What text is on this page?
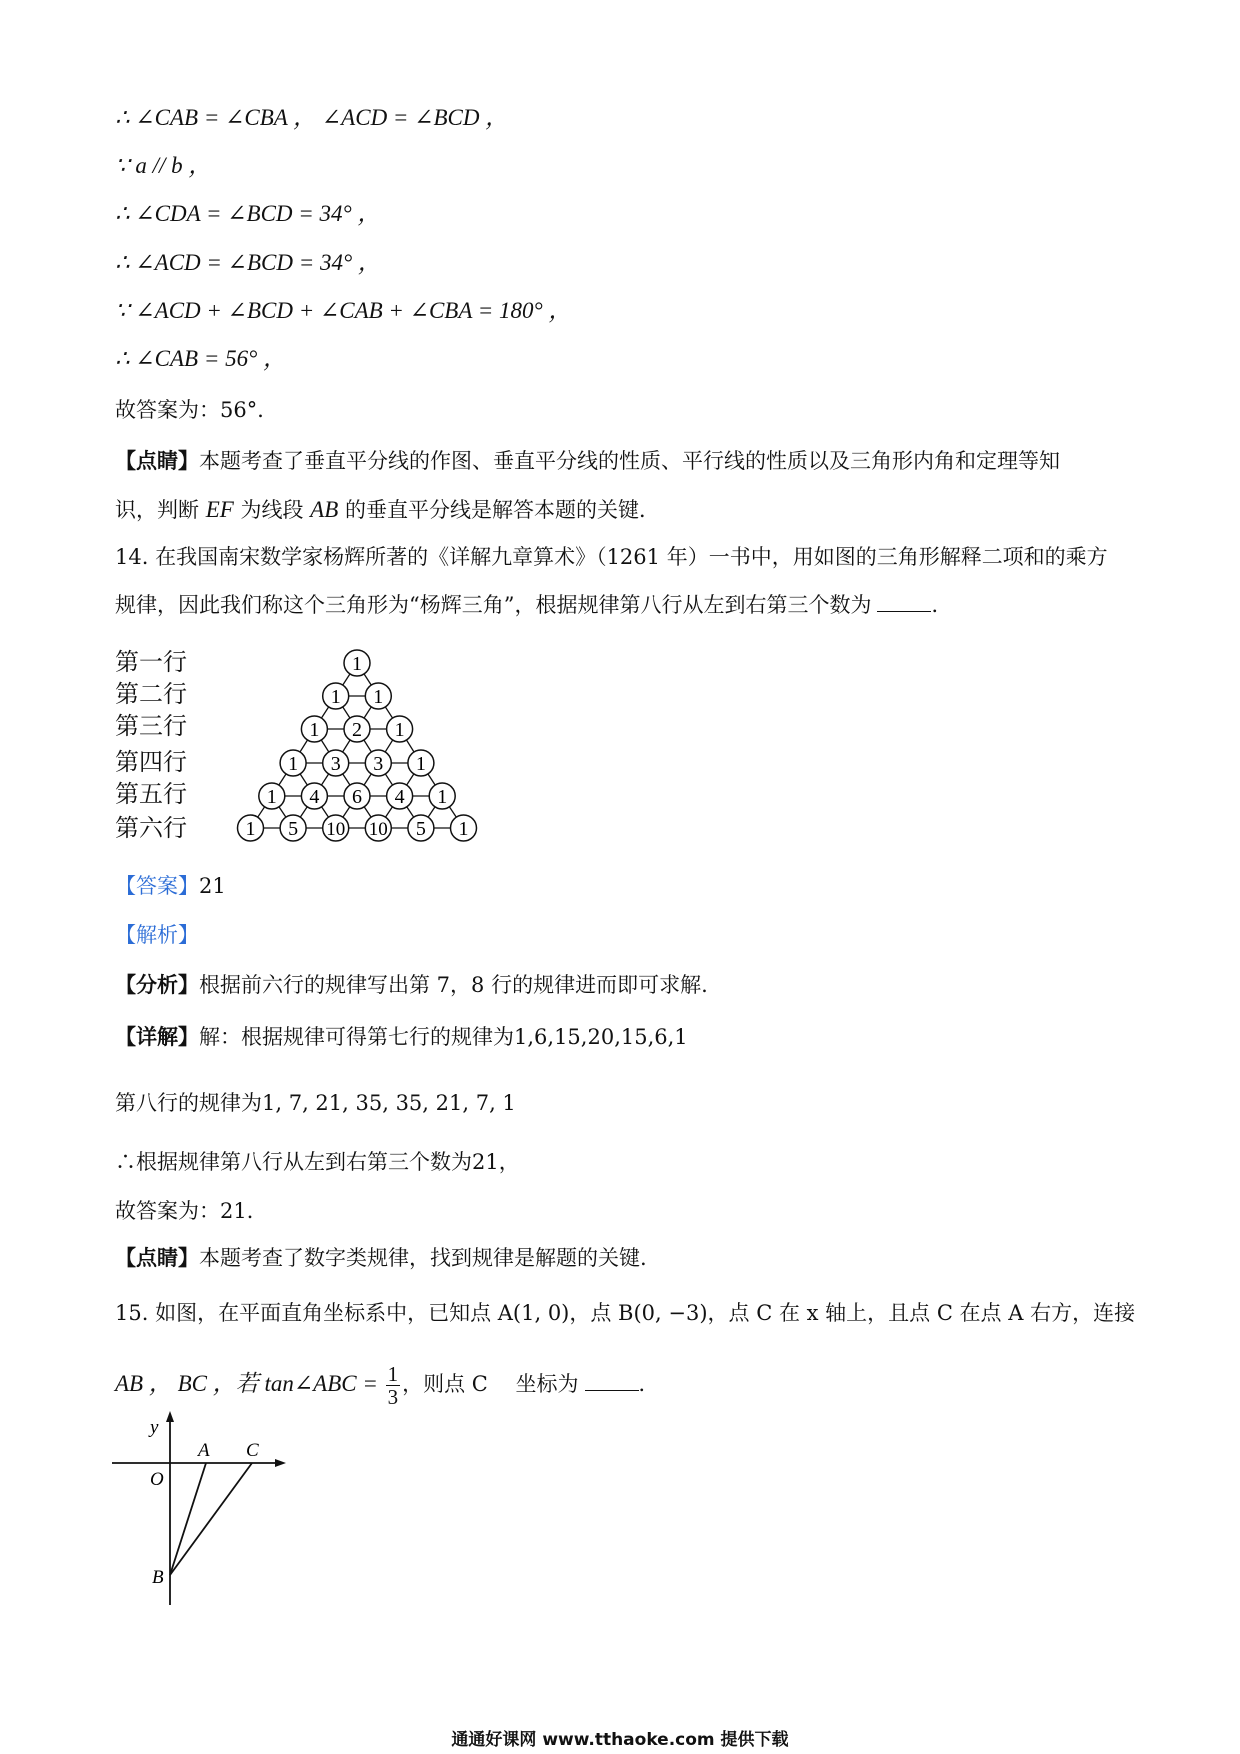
∴ ∠CAB = ∠CBA ， ∠ACD = ∠BCD ，
∵ a // b ，
∴ ∠CDA = ∠BCD = 34° ，
∴ ∠ACD = ∠BCD = 34° ，
∵ ∠ACD + ∠BCD + ∠CAB + ∠CBA = 180° ，
∴ ∠CAB = 56° ，
故答案为：56°．
【点睛】本题考查了垂直平分线的作图、垂直平分线的性质、平行线的性质以及三角形内角和定理等知
识，判断 EF 为线段 AB 的垂直平分线是解答本题的关键．
14. 在我国南宋数学家杨辉所著的《详解九章算术》（1261 年）一书中，用如图的三角形解释二项和的乘方
规律，因此我们称这个三角形为“杨辉三角”，根据规律第八行从左到右第三个数为	．
第一行
第二行
第三行
第四行
第五行
第六行
1
1 1
1 2 1
1 3 3 1
1 4 6 4 1
1 5 10 10 5 1
【答案】21
【解析】
【分析】根据前六行的规律写出第 7，8 行的规律进而即可求解.
【详解】解：根据规律可得第七行的规律为1,6,15,20,15,6,1
第八行的规律为1, 7, 21, 35, 35, 21, 7, 1
∴根据规律第八行从左到右第三个数为21，
故答案为：21．
【点睛】本题考查了数字类规律，找到规律是解题的关键.
15. 如图，在平面直角坐标系中，已知点 A(1, 0)，点 B(0, −3)，点 C 在 x 轴上，且点 C 在点 A 右方，连接
AB ， BC ，若 tan∠ABC = $\frac{1}{3}$ ，则点 C　 坐标为	．
y
O
A C
B
通通好课网 www.tthaoke.com 提供下载
